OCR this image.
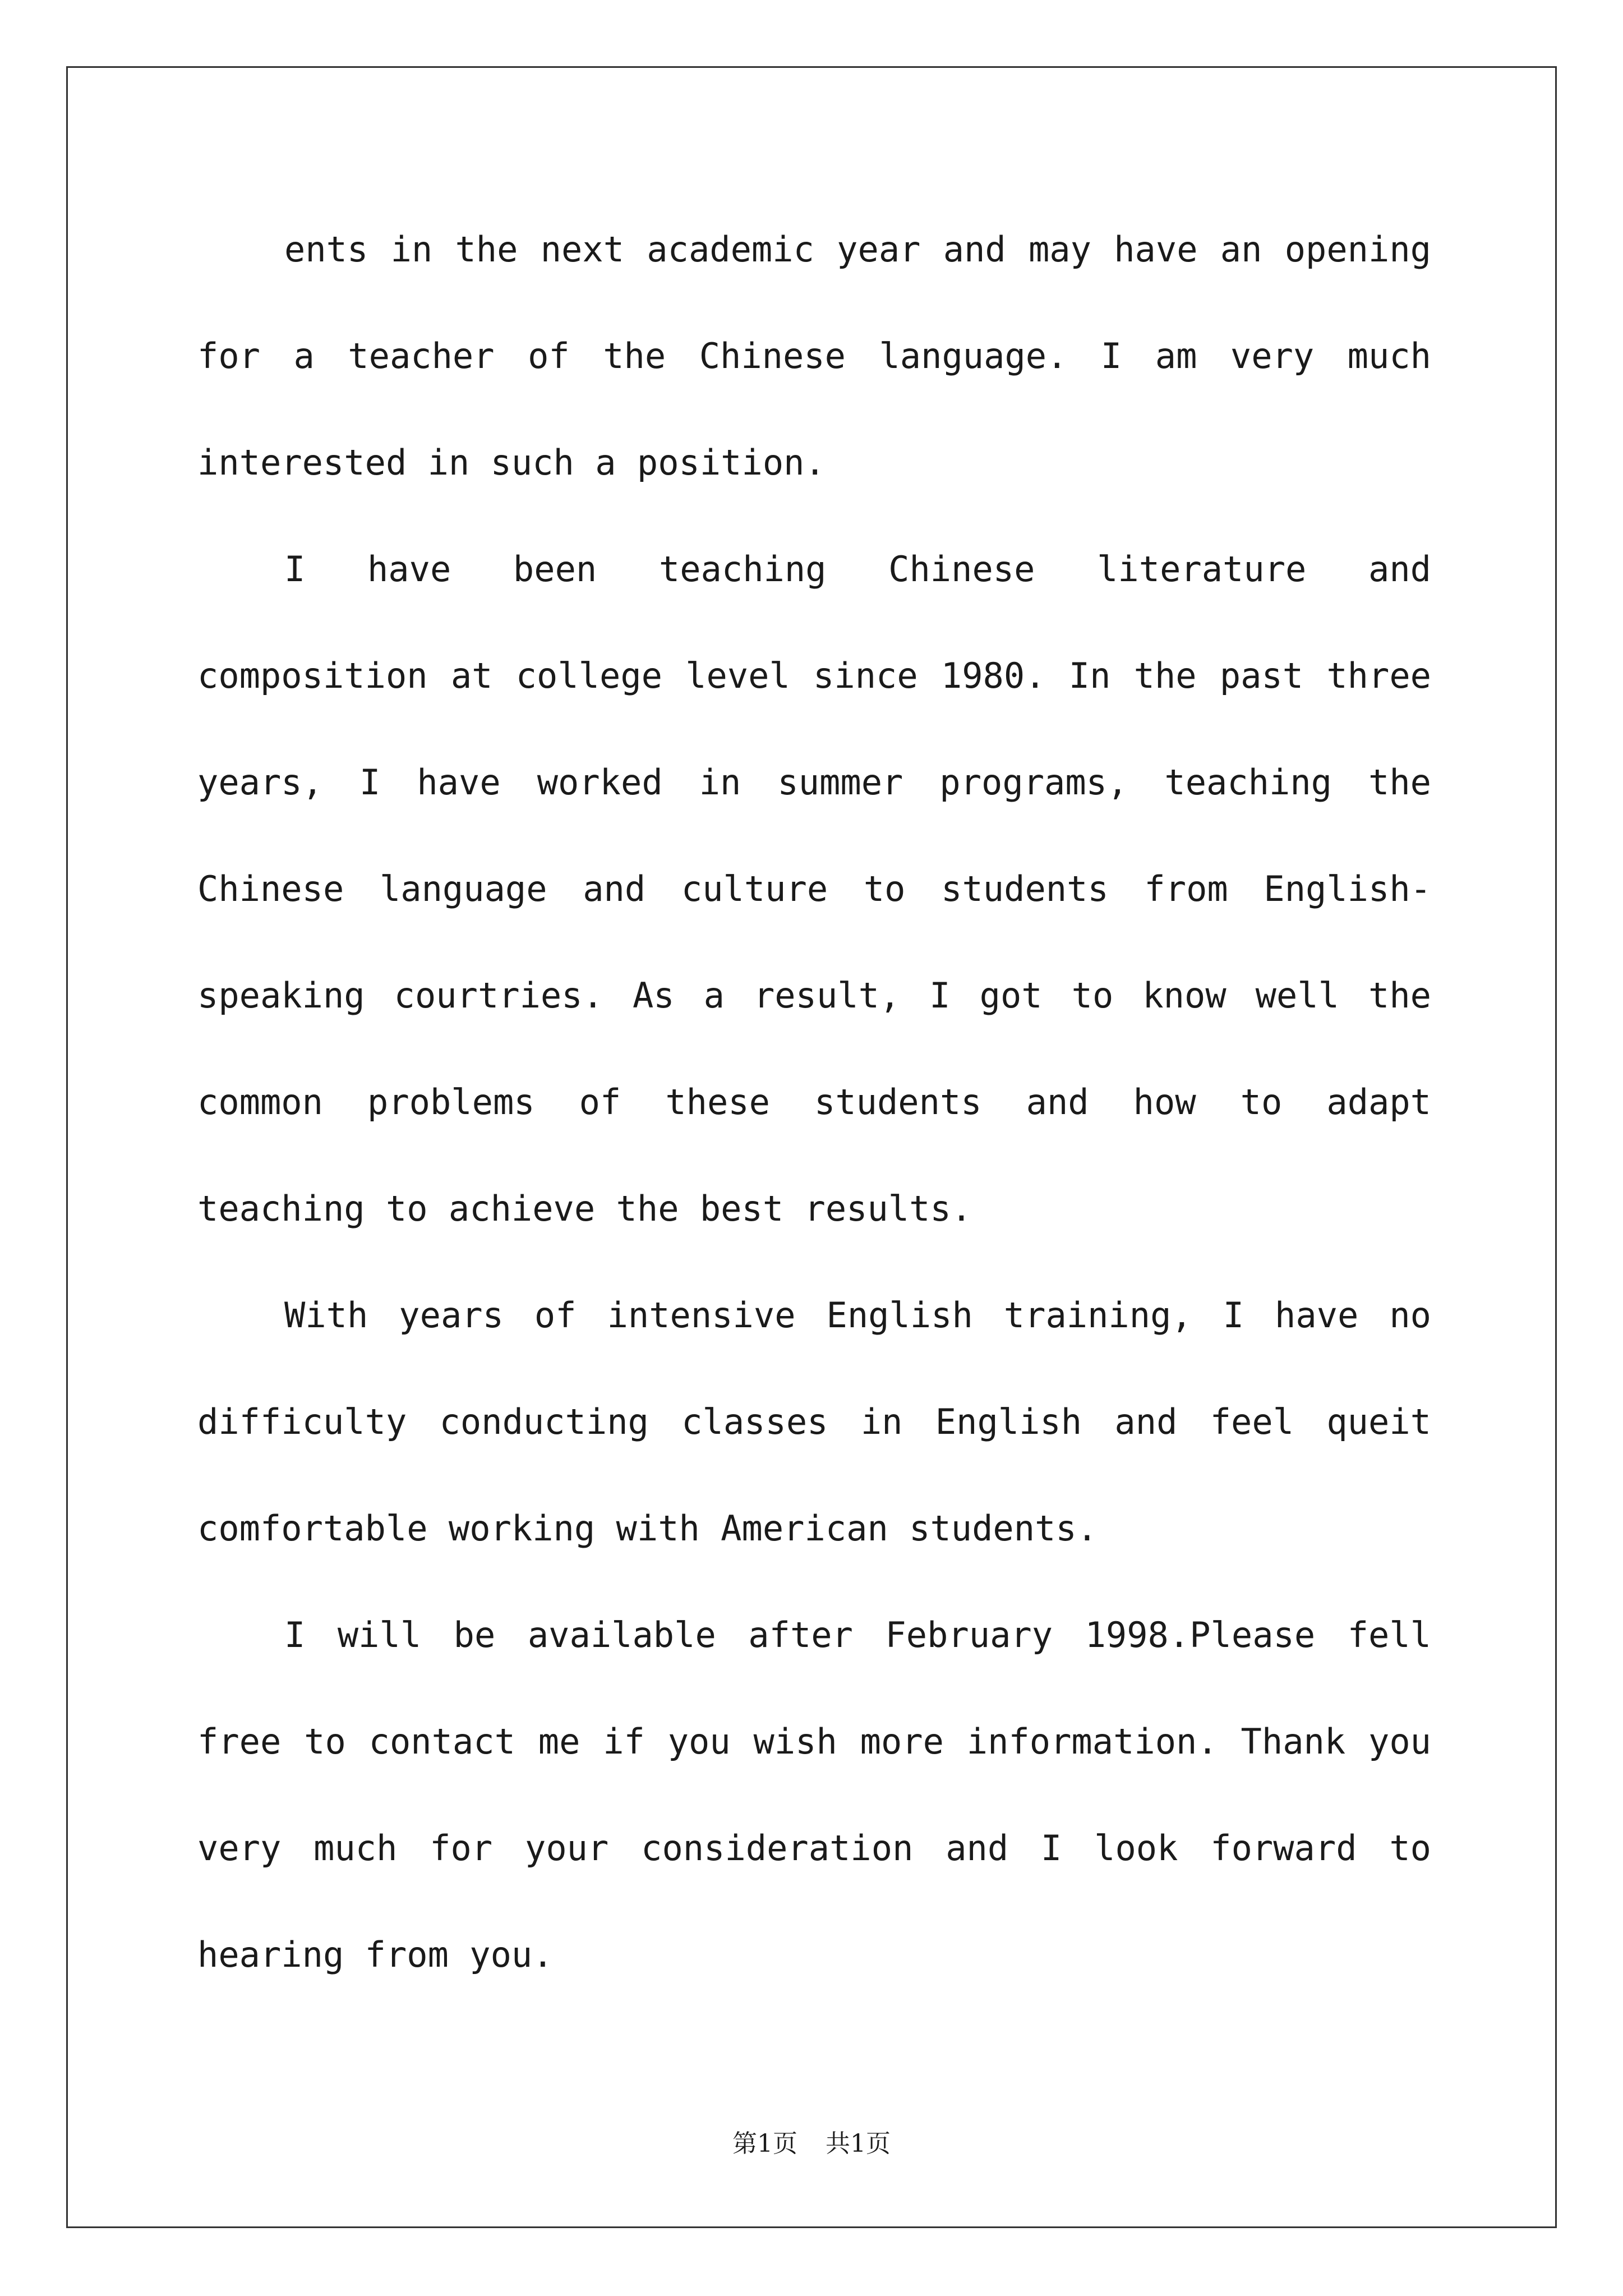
ents in the next academic year and may have an opening for a teacher of the Chinese language. I am very much interested in such a position.

I have been teaching Chinese literature and composition at college level since 1980. In the past three years, I have worked in summer programs, teaching the Chinese language and culture to students from English-speaking courtries. As a result, I got to know well the common problems of these students and how to adapt teaching to achieve the best results.

With years of intensive English training, I have no difficulty conducting classes in English and feel queit comfortable working with American students.

I will be available after February 1998.Please fell free to contact me if you wish more information. Thank you very much for your consideration and I look forward to hearing from you.

第1页 共1页
